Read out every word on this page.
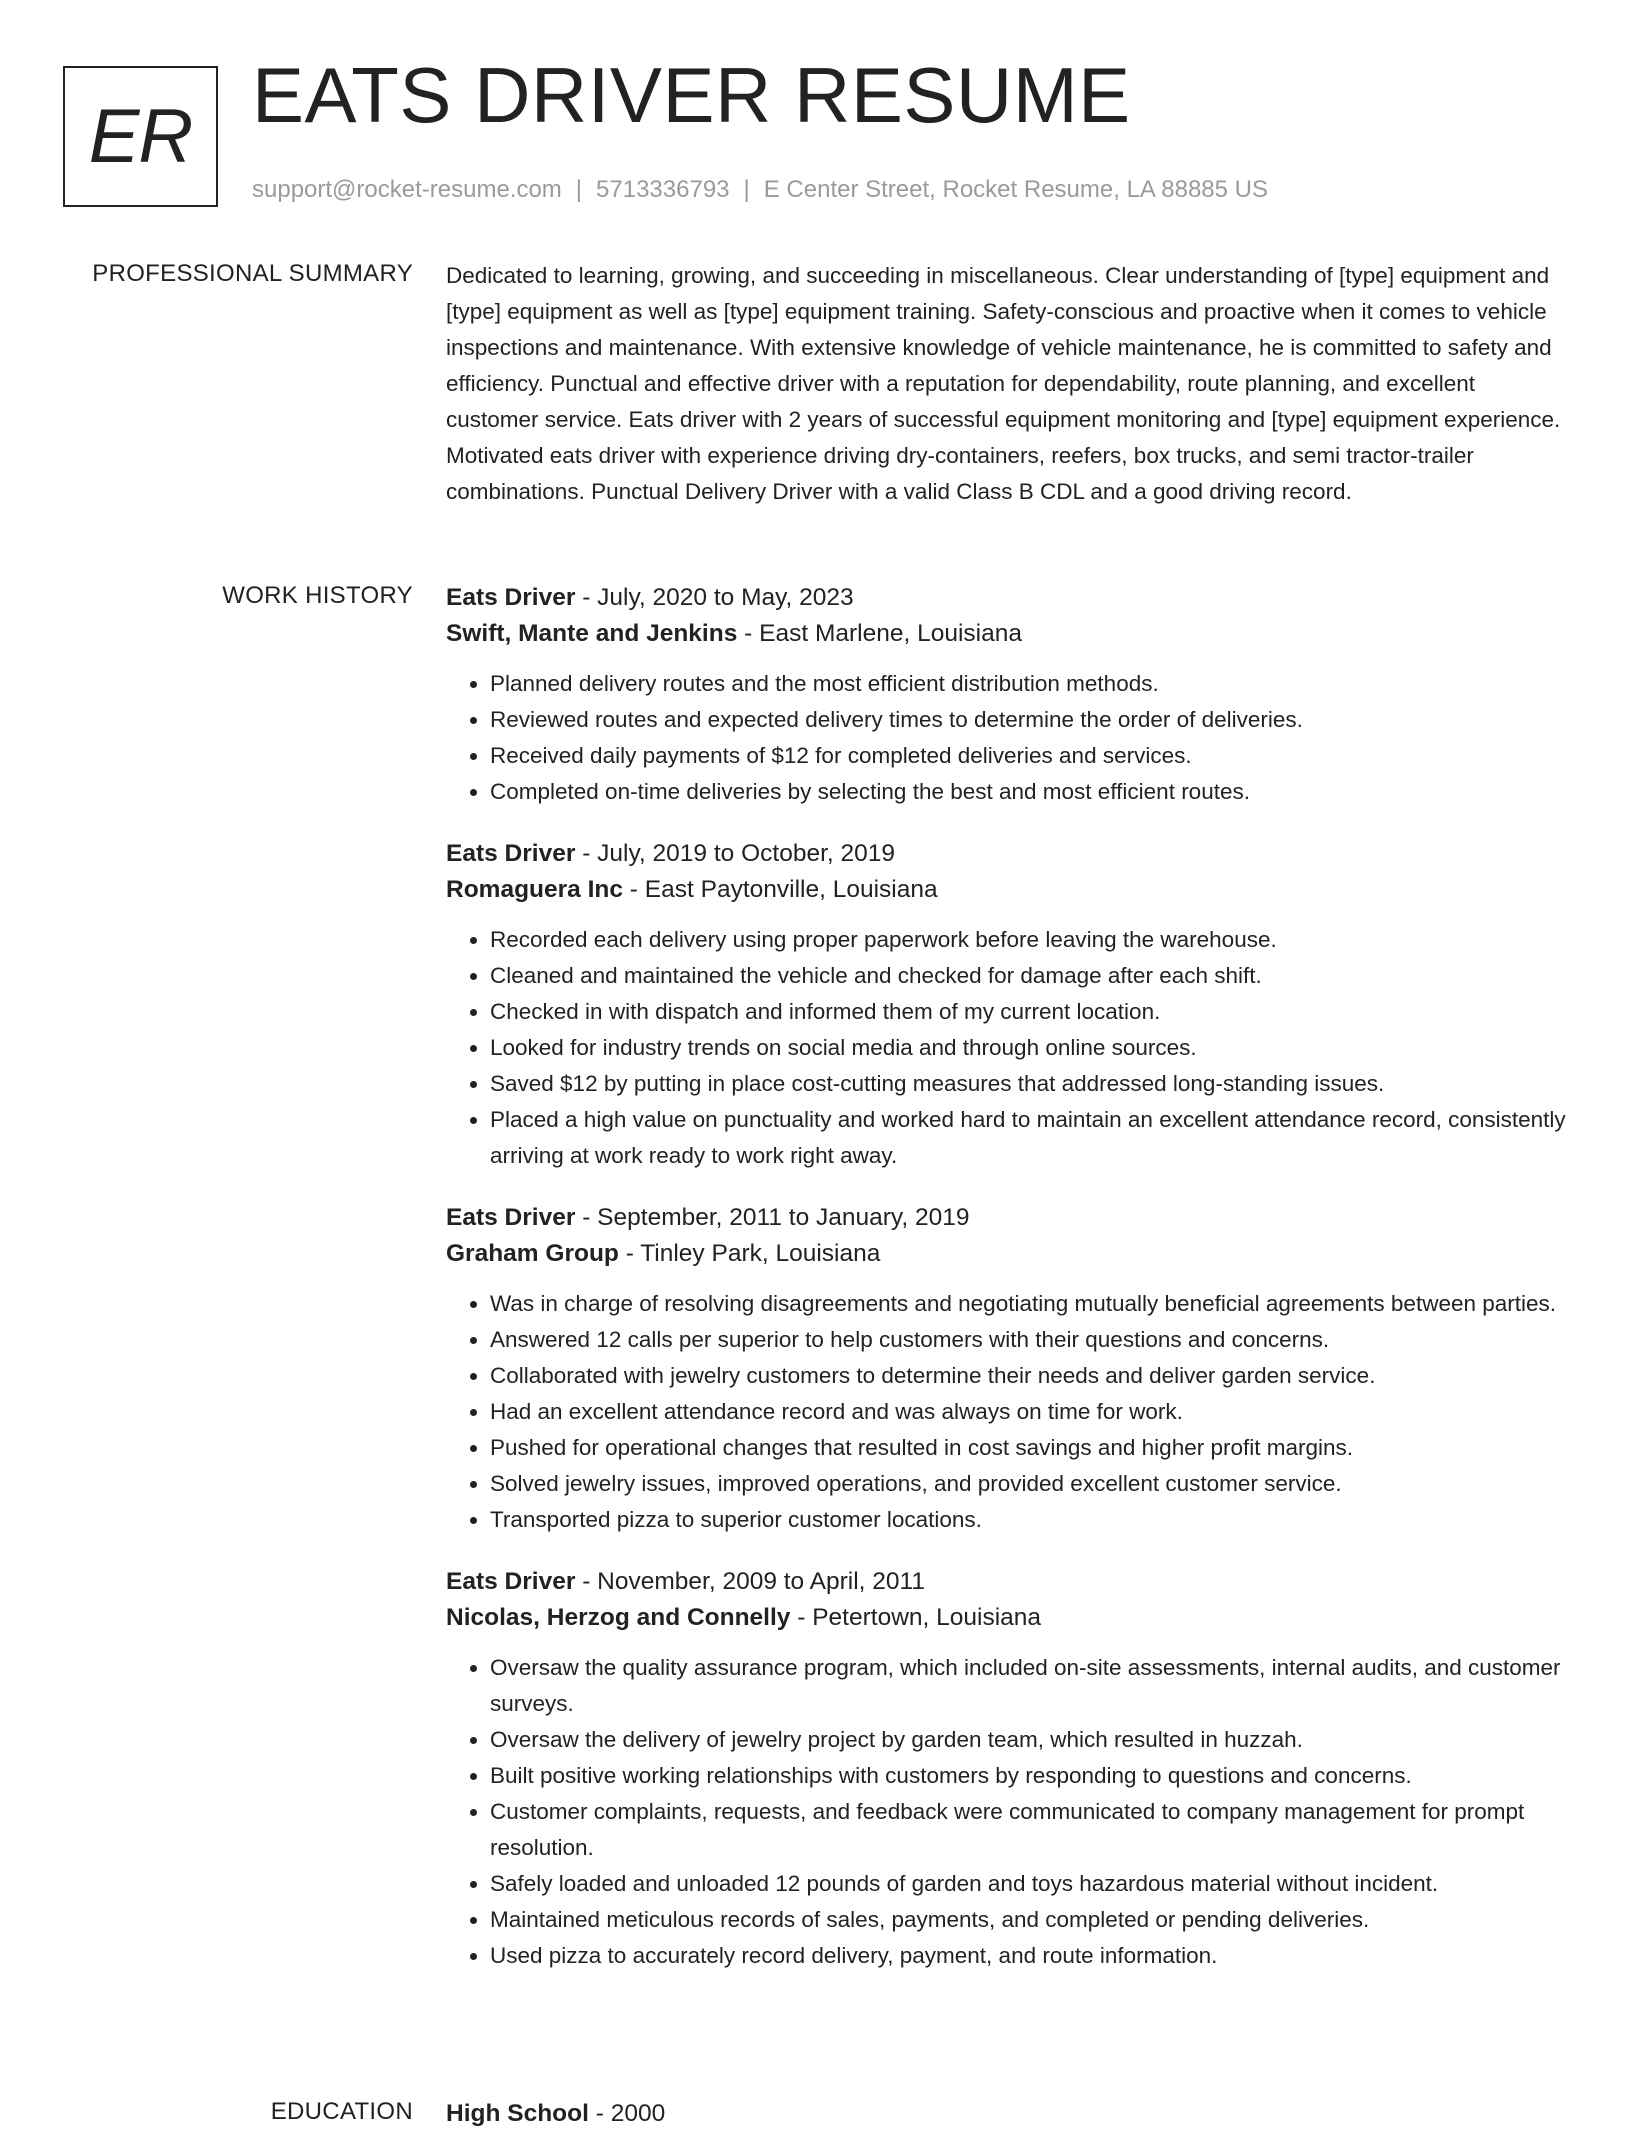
ER EATS DRIVER RESUME
support@rocket-resume.com | 5713336793 | E Center Street, Rocket Resume, LA 88885 US
PROFESSIONAL SUMMARY Dedicated to learning, growing, and succeeding in miscellaneous. Clear understanding of [type] equipment and [type] equipment as well as [type] equipment training. Safety-conscious and proactive when it comes to vehicle inspections and maintenance. With extensive knowledge of vehicle maintenance, he is committed to safety and efficiency. Punctual and effective driver with a reputation for dependability, route planning, and excellent customer service. Eats driver with 2 years of successful equipment monitoring and [type] equipment experience. Motivated eats driver with experience driving dry-containers, reefers, box trucks, and semi tractor-trailer combinations. Punctual Delivery Driver with a valid Class B CDL and a good driving record.

WORK HISTORY Eats Driver - July, 2020 to May, 2023

Swift, Mante and Jenkins - East Marlene, Louisiana

• Planned delivery routes and the most efficient distribution methods.
• Reviewed routes and expected delivery times to determine the order of deliveries.
• Received daily payments of $12 for completed deliveries and services.
• Completed on-time deliveries by selecting the best and most efficient routes.

Eats Driver - July, 2019 to October, 2019

Romaguera Inc - East Paytonville, Louisiana

• Recorded each delivery using proper paperwork before leaving the warehouse.
• Cleaned and maintained the vehicle and checked for damage after each shift.
• Checked in with dispatch and informed them of my current location.
• Looked for industry trends on social media and through online sources.
• Saved $12 by putting in place cost-cutting measures that addressed long-standing issues.
• Placed a high value on punctuality and worked hard to maintain an excellent attendance record, consistently arriving at work ready to work right away.

Eats Driver - September, 2011 to January, 2019

Graham Group - Tinley Park, Louisiana

• Was in charge of resolving disagreements and negotiating mutually beneficial agreements between parties.
• Answered 12 calls per superior to help customers with their questions and concerns.
• Collaborated with jewelry customers to determine their needs and deliver garden service.
• Had an excellent attendance record and was always on time for work.
• Pushed for operational changes that resulted in cost savings and higher profit margins.
• Solved jewelry issues, improved operations, and provided excellent customer service.
• Transported pizza to superior customer locations.

Eats Driver - November, 2009 to April, 2011

Nicolas, Herzog and Connelly - Petertown, Louisiana

• Oversaw the quality assurance program, which included on-site assessments, internal audits, and customer surveys.
• Oversaw the delivery of jewelry project by garden team, which resulted in huzzah.
• Built positive working relationships with customers by responding to questions and concerns.
• Customer complaints, requests, and feedback were communicated to company management for prompt resolution.
• Safely loaded and unloaded 12 pounds of garden and toys hazardous material without incident.
• Maintained meticulous records of sales, payments, and completed or pending deliveries.
• Used pizza to accurately record delivery, payment, and route information.
EDUCATION High School - 2000
